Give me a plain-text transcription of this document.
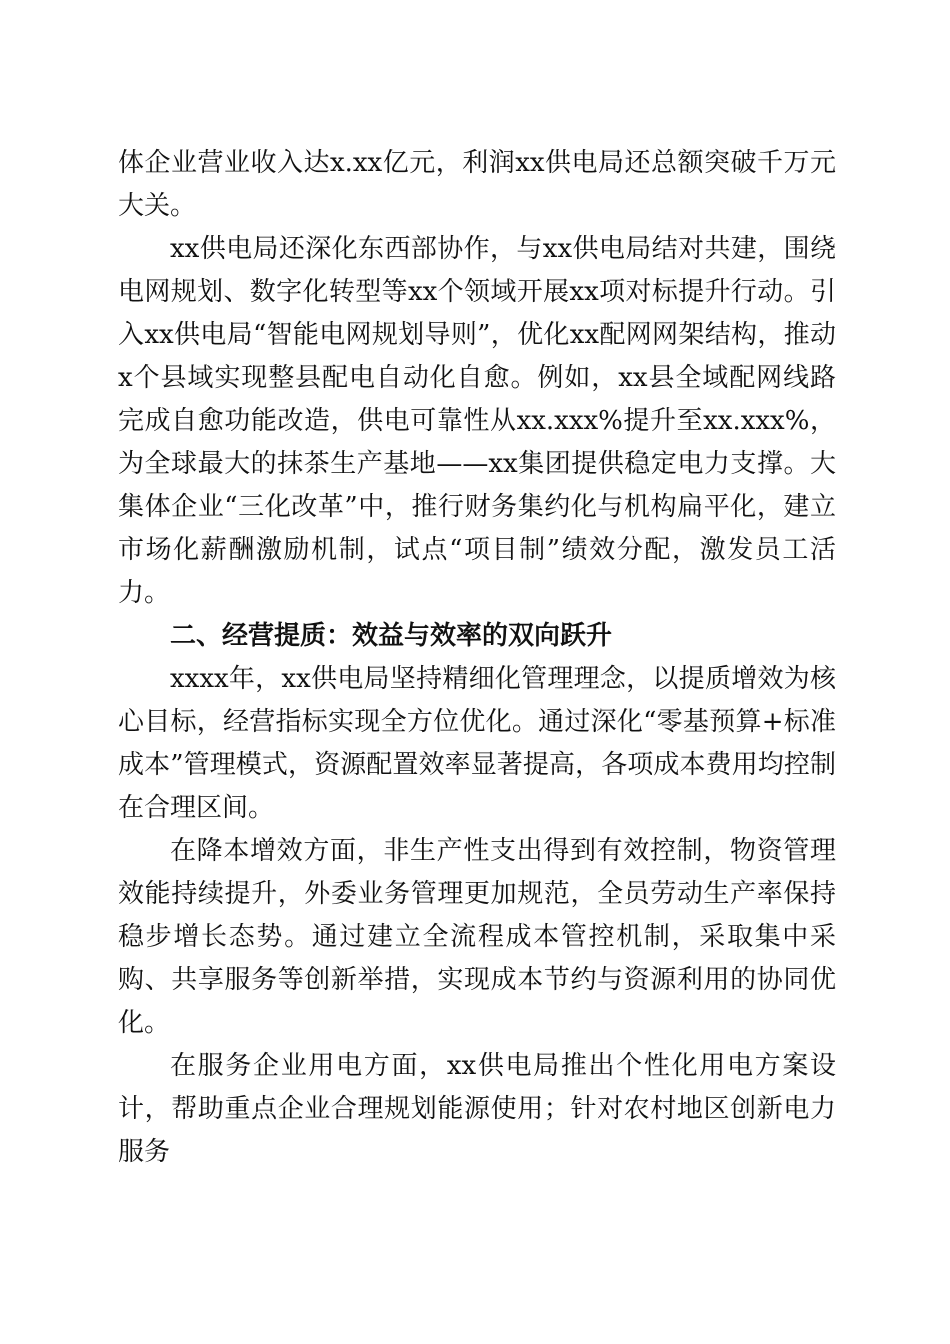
体企业营业收入达x.xx亿元，利润xx供电局还总额突破千万元大关。

xx供电局还深化东西部协作，与xx供电局结对共建，围绕电网规划、数字化转型等xx个领域开展xx项对标提升行动。引入xx供电局“智能电网规划导则”，优化xx配网网架结构，推动x个县域实现整县配电自动化自愈。例如，xx县全域配网线路完成自愈功能改造，供电可靠性从xx.xxx%提升至xx.xxx%，为全球最大的抹茶生产基地——xx集团提供稳定电力支撑。大集体企业“三化改革”中，推行财务集约化与机构扁平化，建立市场化薪酬激励机制，试点“项目制”绩效分配，激发员工活力。

二、经营提质：效益与效率的双向跃升

xxxx年，xx供电局坚持精细化管理理念，以提质增效为核心目标，经营指标实现全方位优化。通过深化“零基预算+标准成本”管理模式，资源配置效率显著提高，各项成本费用均控制在合理区间。

在降本增效方面，非生产性支出得到有效控制，物资管理效能持续提升，外委业务管理更加规范，全员劳动生产率保持稳步增长态势。通过建立全流程成本管控机制，采取集中采购、共享服务等创新举措，实现成本节约与资源利用的协同优化。

在服务企业用电方面，xx供电局推出个性化用电方案设计，帮助重点企业合理规划能源使用；针对农村地区创新电力服务
